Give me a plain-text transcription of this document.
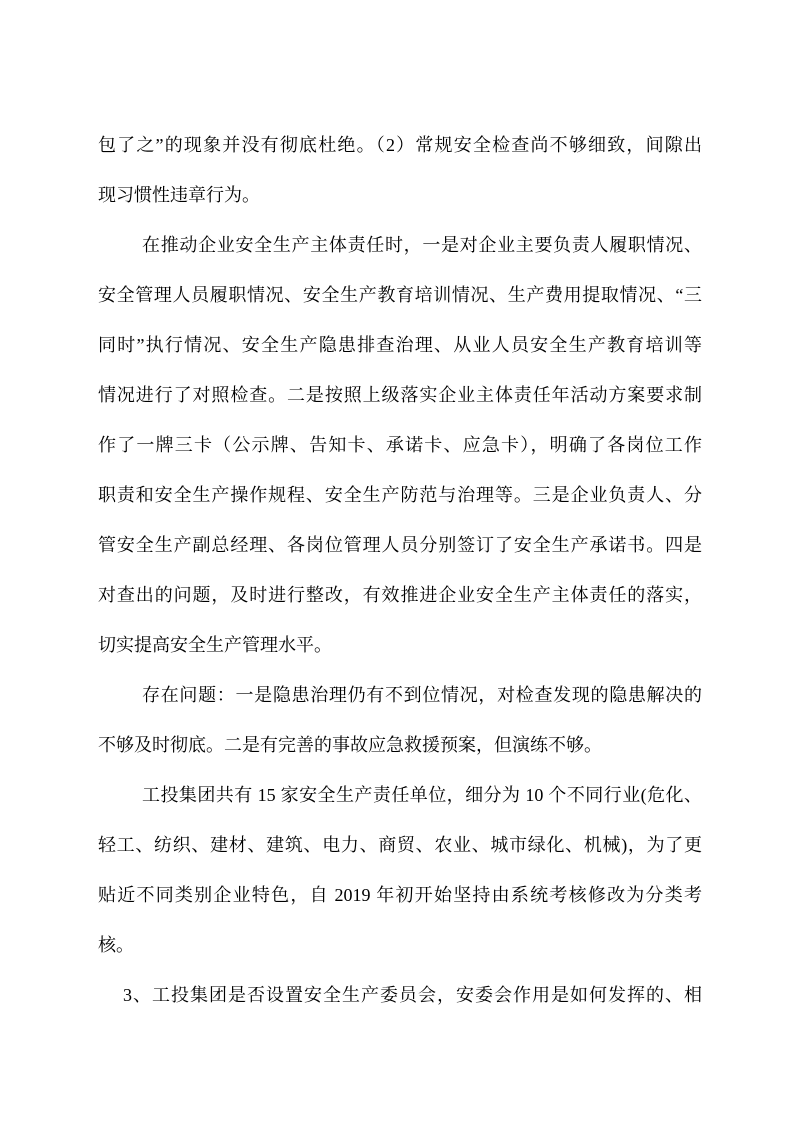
包了之”的现象并没有彻底杜绝。（2）常规安全检查尚不够细致，间隙出
现习惯性违章行为。
在推动企业安全生产主体责任时，一是对企业主要负责人履职情况、
安全管理人员履职情况、安全生产教育培训情况、生产费用提取情况、“三
同时”执行情况、安全生产隐患排查治理、从业人员安全生产教育培训等
情况进行了对照检查。二是按照上级落实企业主体责任年活动方案要求制
作了一牌三卡（公示牌、告知卡、承诺卡、应急卡），明确了各岗位工作
职责和安全生产操作规程、安全生产防范与治理等。三是企业负责人、分
管安全生产副总经理、各岗位管理人员分别签订了安全生产承诺书。四是
对查出的问题，及时进行整改，有效推进企业安全生产主体责任的落实，
切实提高安全生产管理水平。
存在问题：一是隐患治理仍有不到位情况，对检查发现的隐患解决的
不够及时彻底。二是有完善的事故应急救援预案，但演练不够。
工投集团共有 15 家安全生产责任单位，细分为 10 个不同行业(危化、
轻工、纺织、建材、建筑、电力、商贸、农业、城市绿化、机械)，为了更
贴近不同类别企业特色，自 2019 年初开始坚持由系统考核修改为分类考
核。
3、工投集团是否设置安全生产委员会，安委会作用是如何发挥的、相
